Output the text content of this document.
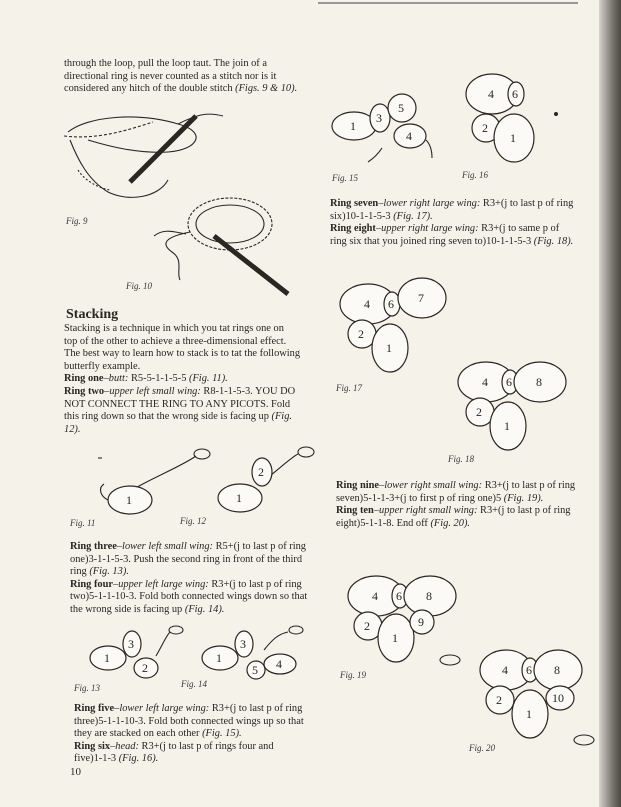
through the loop, pull the loop taut. The join of a
directional ring is never counted as a stitch nor is it
considered any hitch of the double stitch (Figs. 9 & 10).

Fig. 9
Fig. 10
Stacking

Stacking is a technique in which you tat rings one on
top of the other to achieve a three-dimensional effect.
The best way to learn how to stack is to tat the following
butterfly example.
Ring one–butt: R5-5-1-1-5-5 (Fig. 11).
Ring two–upper left small wing: R8-1-1-5-3. YOU DO
NOT CONNECT THE RING TO ANY PICOTS. Fold
this ring down so that the wrong side is facing up (Fig.
12).

1
Fig. 11
1
2
Fig. 12

Ring three–lower left small wing: R5+(j to last p of ring
one)3-1-1-5-3. Push the second ring in front of the third
ring (Fig. 13).
Ring four–upper left large wing: R3+(j to last p of ring
two)5-1-1-10-3. Fold both connected wings down so that
the wrong side is facing up (Fig. 14).

1
3
2
Fig. 13
1
3
5 4
Fig. 14

Ring five–lower left large wing: R3+(j to last p of ring
three)5-1-1-10-3. Fold both connected wings up so that
they are stacked on each other (Fig. 15).
Ring six–head: R3+(j to last p of rings four and
five)1-1-3 (Fig. 16).

10
1
3
5
4
Fig. 15
4 6
2
1
Fig. 16

Ring seven–lower right large wing: R3+(j to last p of ring
six)10-1-1-5-3 (Fig. 17).
Ring eight–upper right large wing: R3+(j to same p of
ring six that you joined ring seven to)10-1-1-5-3 (Fig. 18).

4 6 7
2
1
Fig. 17	4 6 8
2
1
Fig. 18

Ring nine–lower right small wing: R3+(j to last p of ring
seven)5-1-1-3+(j to first p of ring one)5 (Fig. 19).
Ring ten–upper right small wing: R3+(j to last p of ring
eight)5-1-1-8. End off (Fig. 20).

4 6 8
2
1
9
Fig. 19	4 6 8
2
1
10
Fig. 20
